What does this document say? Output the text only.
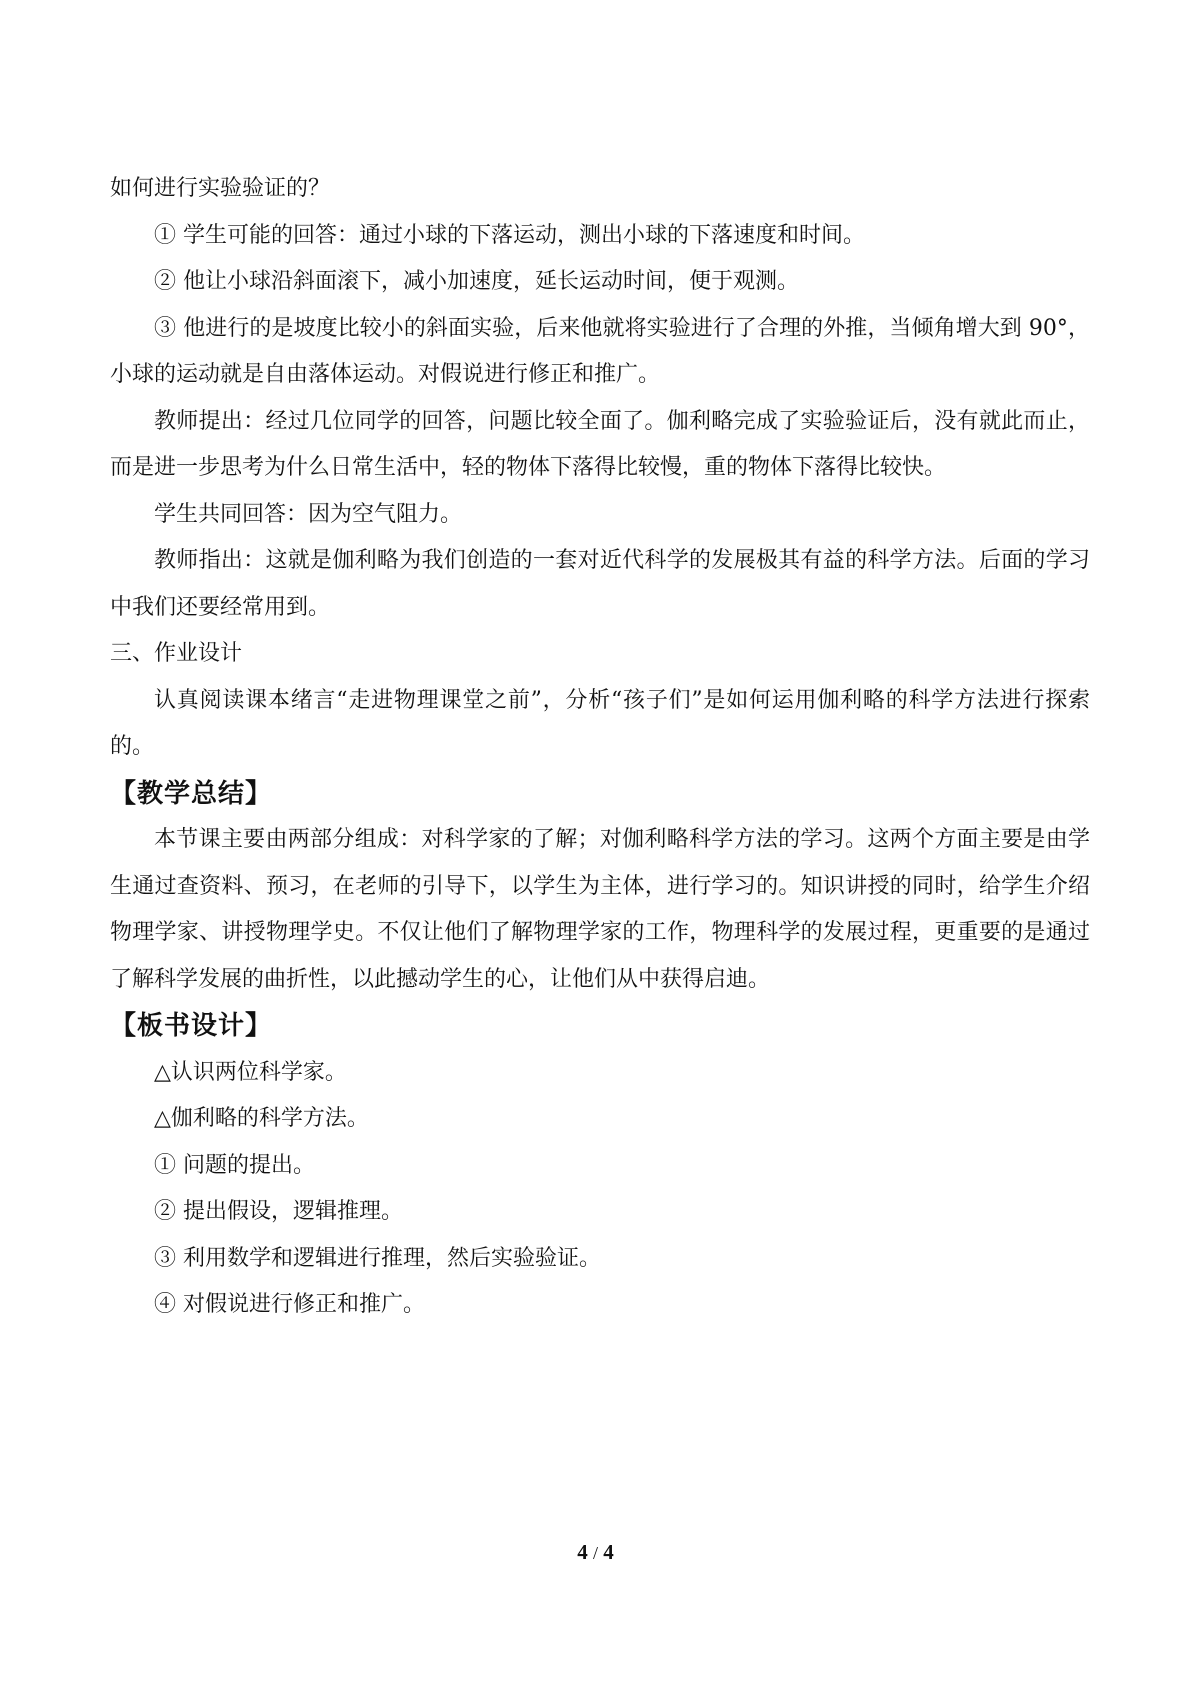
如何进行实验验证的？

① 学生可能的回答：通过小球的下落运动，测出小球的下落速度和时间。

② 他让小球沿斜面滚下，减小加速度，延长运动时间，便于观测。

③ 他进行的是坡度比较小的斜面实验，后来他就将实验进行了合理的外推，当倾角增大到 90°，小球的运动就是自由落体运动。对假说进行修正和推广。

教师提出：经过几位同学的回答，问题比较全面了。伽利略完成了实验验证后，没有就此而止，而是进一步思考为什么日常生活中，轻的物体下落得比较慢，重的物体下落得比较快。

学生共同回答：因为空气阻力。

教师指出：这就是伽利略为我们创造的一套对近代科学的发展极其有益的科学方法。后面的学习中我们还要经常用到。

三、作业设计

认真阅读课本绪言“走进物理课堂之前”，分析“孩子们”是如何运用伽利略的科学方法进行探索的。

【教学总结】

本节课主要由两部分组成：对科学家的了解；对伽利略科学方法的学习。这两个方面主要是由学生通过查资料、预习，在老师的引导下，以学生为主体，进行学习的。知识讲授的同时，给学生介绍物理学家、讲授物理学史。不仅让他们了解物理学家的工作，物理科学的发展过程，更重要的是通过了解科学发展的曲折性，以此撼动学生的心，让他们从中获得启迪。

【板书设计】

△认识两位科学家。

△伽利略的科学方法。

① 问题的提出。

② 提出假设，逻辑推理。

③ 利用数学和逻辑进行推理，然后实验验证。

④ 对假说进行修正和推广。

4 / 4
